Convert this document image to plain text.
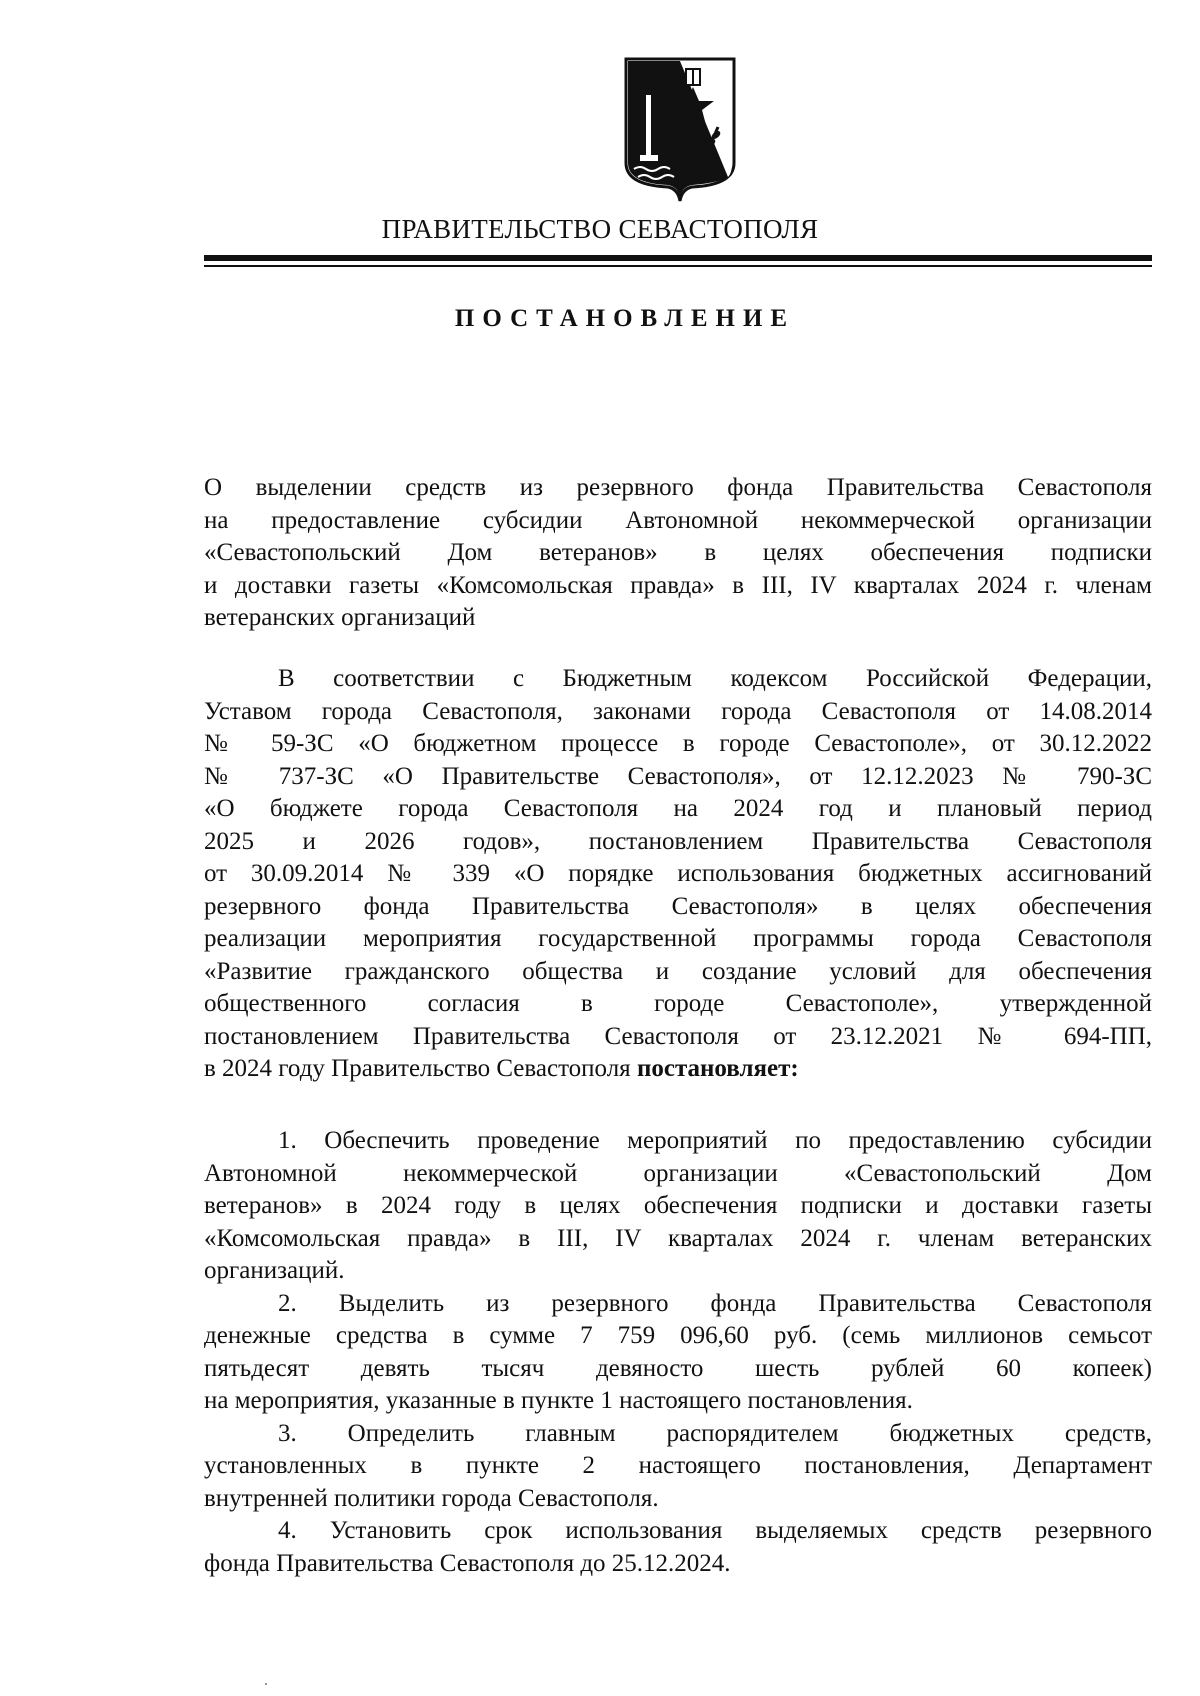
ПРАВИТЕЛЬСТВО СЕВАСТОПОЛЯ
ПОСТАНОВЛЕНИЕ
О выделении средств из резервного фонда Правительства Севастополя
на предоставление субсидии Автономной некоммерческой организации
«Севастопольский Дом ветеранов» в целях обеспечения подписки
и доставки газеты «Комсомольская правда» в III, IV кварталах 2024 г. членам
ветеранских организаций
В соответствии с Бюджетным кодексом Российской Федерации,
Уставом города Севастополя, законами города Севастополя от 14.08.2014
№ 59-ЗС «О бюджетном процессе в городе Севастополе», от 30.12.2022
№ 737-ЗС «О Правительстве Севастополя», от 12.12.2023 № 790-ЗС
«О бюджете города Севастополя на 2024 год и плановый период
2025 и 2026 годов», постановлением Правительства Севастополя
от 30.09.2014 № 339 «О порядке использования бюджетных ассигнований
резервного фонда Правительства Севастополя» в целях обеспечения
реализации мероприятия государственной программы города Севастополя
«Развитие гражданского общества и создание условий для обеспечения
общественного согласия в городе Севастополе», утвержденной
постановлением Правительства Севастополя от 23.12.2021 № 694-ПП,
в 2024 году Правительство Севастополя постановляет:
1. Обеспечить проведение мероприятий по предоставлению субсидии
Автономной некоммерческой организации «Севастопольский Дом
ветеранов» в 2024 году в целях обеспечения подписки и доставки газеты
«Комсомольская правда» в III, IV кварталах 2024 г. членам ветеранских
организаций.
2. Выделить из резервного фонда Правительства Севастополя
денежные средства в сумме 7 759 096,60 руб. (семь миллионов семьсот
пятьдесят девять тысяч девяносто шесть рублей 60 копеек)
на мероприятия, указанные в пункте 1 настоящего постановления.
3. Определить главным распорядителем бюджетных средств,
установленных в пункте 2 настоящего постановления, Департамент
внутренней политики города Севастополя.
4. Установить срок использования выделяемых средств резервного
фонда Правительства Севастополя до 25.12.2024.
